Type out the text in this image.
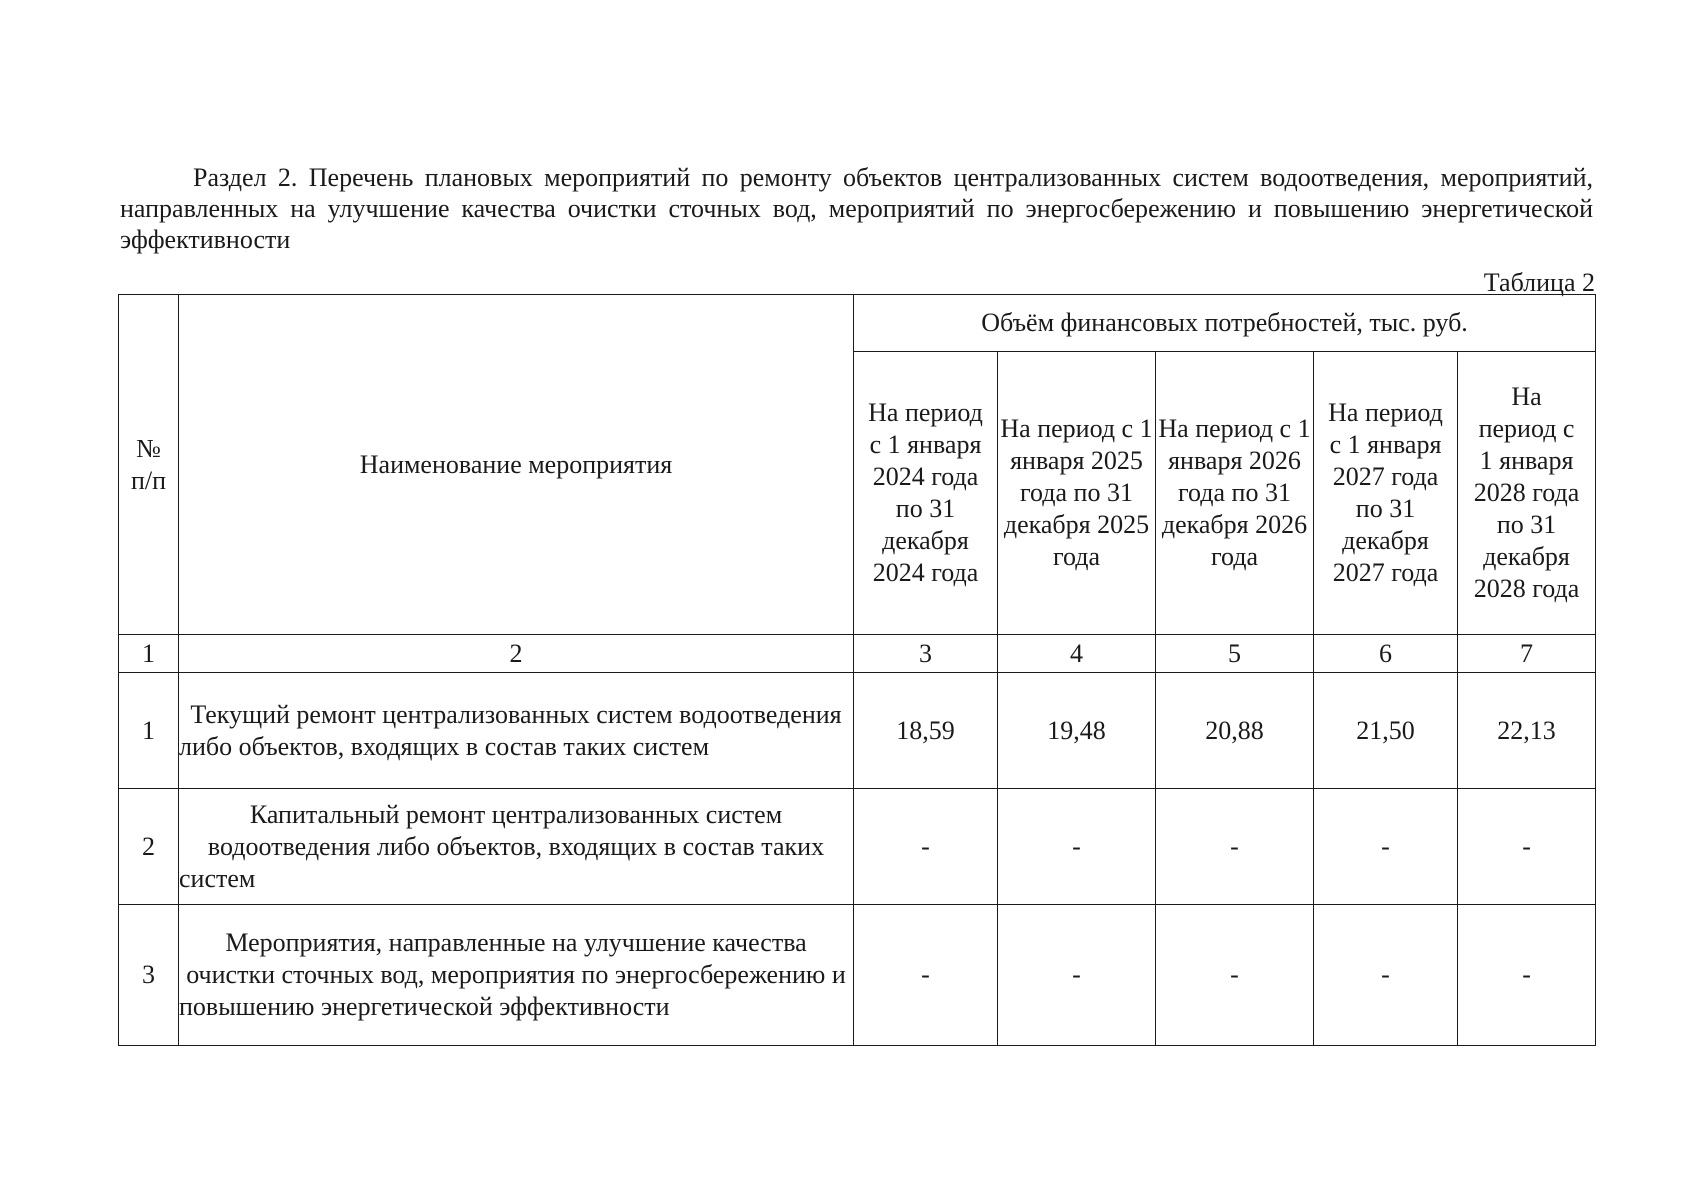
Раздел 2. Перечень плановых мероприятий по ремонту объектов централизованных систем водоотведения, мероприятий, направленных на улучшение качества очистки сточных вод, мероприятий по энергосбережению и повышению энергетической эффективности

Таблица 2

№ п/п	Наименование мероприятия	Объём финансовых потребностей, тыс. руб.				
		На период с 1 января 2024 года по 31 декабря 2024 года	На период с 1 января 2025 года по 31 декабря 2025 года	На период с 1 января 2026 года по 31 декабря 2026 года	На период с 1 января 2027 года по 31 декабря 2027 года	На период с 1 января 2028 года по 31 декабря 2028 года
1	2	3	4	5	6	7
1	Текущий ремонт централизованных систем водоотведения либо объектов, входящих в состав таких систем	18,59	19,48	20,88	21,50	22,13
2	Капитальный ремонт централизованных систем водоотведения либо объектов, входящих в состав таких систем	-	-	-	-	-
3	Мероприятия, направленные на улучшение качества очистки сточных вод, мероприятия по энергосбережению и повышению энергетической эффективности	-	-	-	-	-
